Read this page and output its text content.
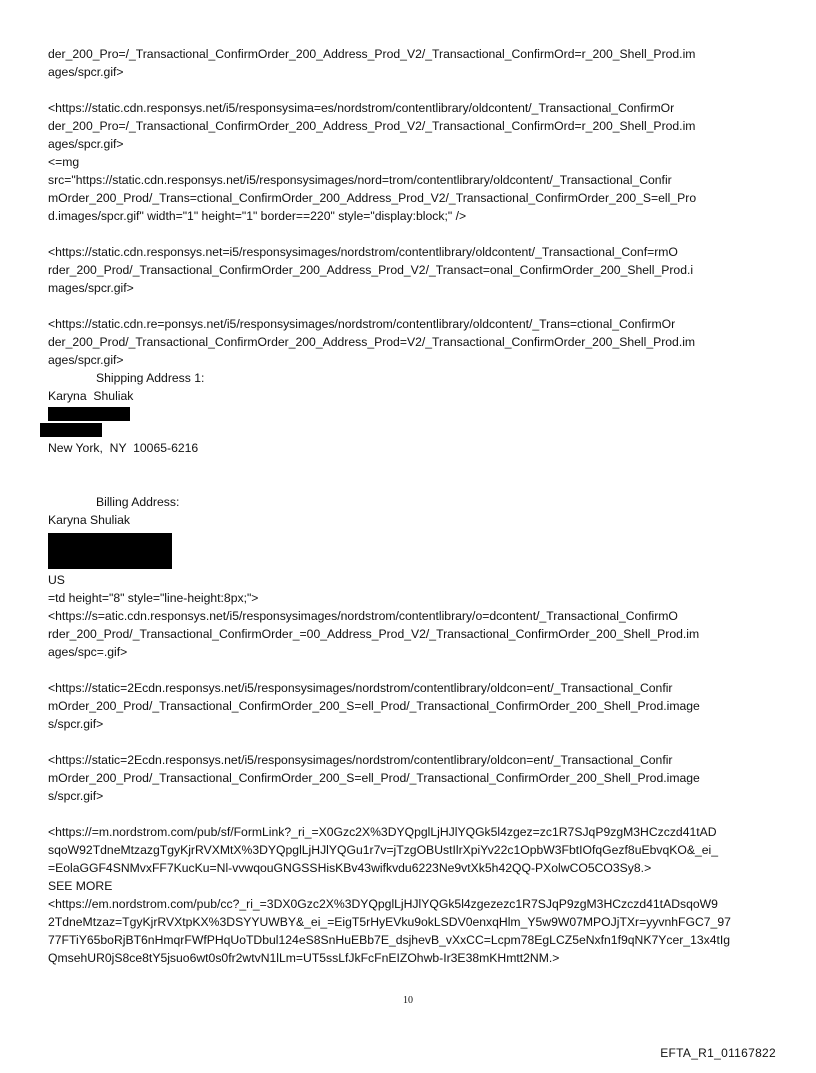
der_200_Pro=/_Transactional_ConfirmOrder_200_Address_Prod_V2/_Transactional_ConfirmOrd=r_200_Shell_Prod.im
ages/spcr.gif>
<https://static.cdn.responsys.net/i5/responsysima=es/nordstrom/contentlibrary/oldcontent/_Transactional_ConfirmOr
der_200_Pro=/_Transactional_ConfirmOrder_200_Address_Prod_V2/_Transactional_ConfirmOrd=r_200_Shell_Prod.im
ages/spcr.gif>
<=mg
src="https://static.cdn.responsys.net/i5/responsysimages/nord=trom/contentlibrary/oldcontent/_Transactional_Confir
mOrder_200_Prod/_Trans=ctional_ConfirmOrder_200_Address_Prod_V2/_Transactional_ConfirmOrder_200_S=ell_Pro
d.images/spcr.gif" width="1" height="1" border==220" style="display:block;" />
<https://static.cdn.responsys.net=i5/responsysimages/nordstrom/contentlibrary/oldcontent/_Transactional_Conf=rmO
rder_200_Prod/_Transactional_ConfirmOrder_200_Address_Prod_V2/_Transact=onal_ConfirmOrder_200_Shell_Prod.i
mages/spcr.gif>
<https://static.cdn.re=ponsys.net/i5/responsysimages/nordstrom/contentlibrary/oldcontent/_Trans=ctional_ConfirmOr
der_200_Prod/_Transactional_ConfirmOrder_200_Address_Prod=V2/_Transactional_ConfirmOrder_200_Shell_Prod.im
ages/spcr.gif>
Shipping Address 1:
Karyna  Shuliak
New York,  NY  10065-6216
Billing Address:
Karyna Shuliak
US
=td height="8" style="line-height:8px;">
<https://s=atic.cdn.responsys.net/i5/responsysimages/nordstrom/contentlibrary/o=dcontent/_Transactional_ConfirmO
rder_200_Prod/_Transactional_ConfirmOrder_=00_Address_Prod_V2/_Transactional_ConfirmOrder_200_Shell_Prod.im
ages/spc=.gif>
<https://static=2Ecdn.responsys.net/i5/responsysimages/nordstrom/contentlibrary/oldcon=ent/_Transactional_Confir
mOrder_200_Prod/_Transactional_ConfirmOrder_200_S=ell_Prod/_Transactional_ConfirmOrder_200_Shell_Prod.image
s/spcr.gif>
<https://static=2Ecdn.responsys.net/i5/responsysimages/nordstrom/contentlibrary/oldcon=ent/_Transactional_Confir
mOrder_200_Prod/_Transactional_ConfirmOrder_200_S=ell_Prod/_Transactional_ConfirmOrder_200_Shell_Prod.image
s/spcr.gif>
<https://=m.nordstrom.com/pub/sf/FormLink?_ri_=X0Gzc2X%3DYQpglLjHJlYQGk5l4zgez=zc1R7SJqP9zgM3HCzczd41tAD
sqoW92TdneMtzazgTgyKjrRVXMtX%3DYQpglLjHJlYQGu1r7v=jTzgOBUstIlrXpiYv22c1OpbW3FbtIOfqGezf8uEbvqKO&_ei_
=EolaGGF4SNMvxFF7KucKu=Nl-vvwqouGNGSSHisKBv43wifkvdu6223Ne9vtXk5h42QQ-PXolwCO5CO3Sy8.>
SEE MORE
<https://em.nordstrom.com/pub/cc?_ri_=3DX0Gzc2X%3DYQpglLjHJlYQGk5l4zgezezc1R7SJqP9zgM3HCzczd41tADsqoW9
2TdneMtzaz=TgyKjrRVXtpKX%3DSYYUWBY&_ei_=EigT5rHyEVku9okLSDV0enxqHlm_Y5w9W07MPOJjTXr=yyvnhFGC7_97
77FTiY65boRjBT6nHmqrFWfPHqUoTDbul124eS8SnHuEBb7E_dsjhevB_vXxCC=Lcpm78EgLCZ5eNxfn1f9qNK7Ycer_13x4tIg
QmsehUR0jS8ce8tY5jsuo6wt0s0fr2wtvN1lLm=UT5ssLfJkFcFnEIZOhwb-Ir3E38mKHmtt2NM.>
10
EFTA_R1_01167822
